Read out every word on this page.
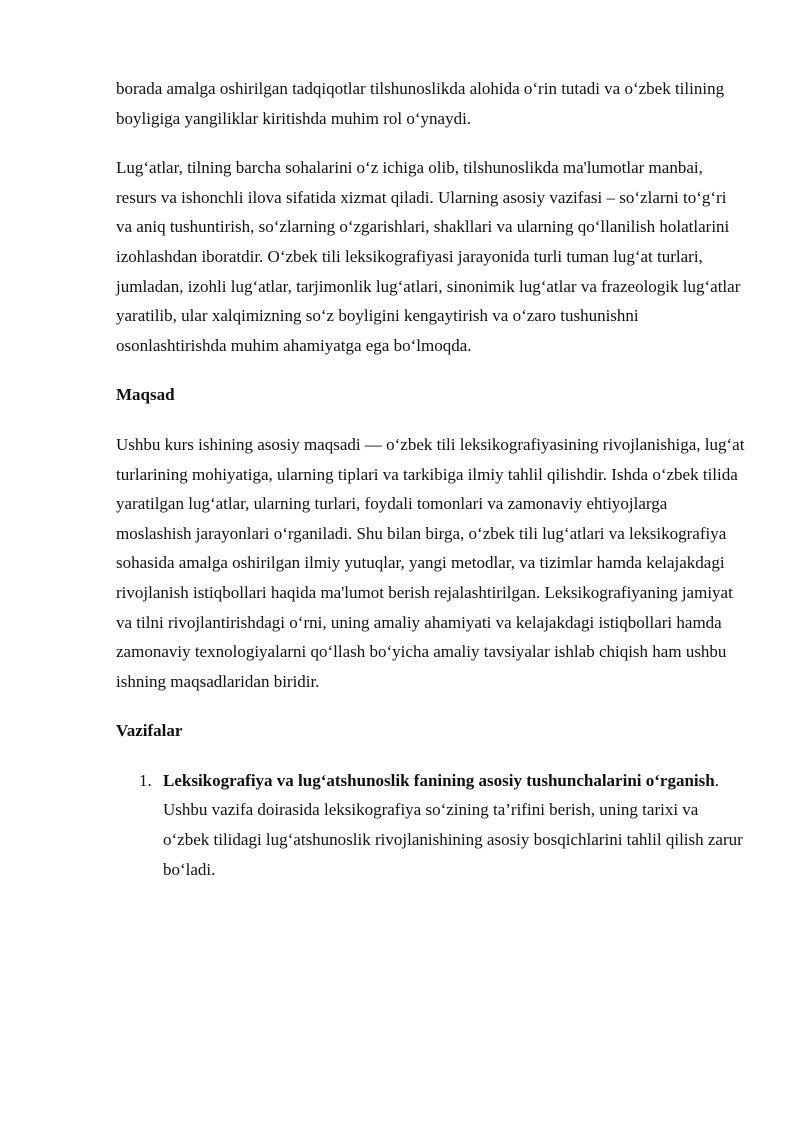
borada amalga oshirilgan tadqiqotlar tilshunoslikda alohida o‘rin tutadi va o‘zbek tilining boyligiga yangiliklar kiritishda muhim rol o‘ynaydi.

Lug‘atlar, tilning barcha sohalarini o‘z ichiga olib, tilshunoslikda ma'lumotlar manbai, resurs va ishonchli ilova sifatida xizmat qiladi. Ularning asosiy vazifasi – so‘zlarni to‘g‘ri va aniq tushuntirish, so‘zlarning o‘zgarishlari, shakllari va ularning qo‘llanilish holatlarini izohlashdan iboratdir. O‘zbek tili leksikografiyasi jarayonida turli tuman lug‘at turlari, jumladan, izohli lug‘atlar, tarjimonlik lug‘atlari, sinonimik lug‘atlar va frazeologik lug‘atlar yaratilib, ular xalqimizning so‘z boyligini kengaytirish va o‘zaro tushunishni osonlashtirishda muhim ahamiyatga ega bo‘lmoqda.

Maqsad

Ushbu kurs ishining asosiy maqsadi — o‘zbek tili leksikografiyasining rivojlanishiga, lug‘at turlarining mohiyatiga, ularning tiplari va tarkibiga ilmiy tahlil qilishdir. Ishda o‘zbek tilida yaratilgan lug‘atlar, ularning turlari, foydali tomonlari va zamonaviy ehtiyojlarga moslashish jarayonlari o‘rganiladi. Shu bilan birga, o‘zbek tili lug‘atlari va leksikografiya sohasida amalga oshirilgan ilmiy yutuqlar, yangi metodlar, va tizimlar hamda kelajakdagi rivojlanish istiqbollari haqida ma'lumot berish rejalashtirilgan. Leksikografiyaning jamiyat va tilni rivojlantirishdagi o‘rni, uning amaliy ahamiyati va kelajakdagi istiqbollari hamda zamonaviy texnologiyalarni qo‘llash bo‘yicha amaliy tavsiyalar ishlab chiqish ham ushbu ishning maqsadlaridan biridir.

Vazifalar

1. Leksikografiya va lug‘atshunoslik fanining asosiy tushunchalarini o‘rganish. Ushbu vazifa doirasida leksikografiya so‘zining ta’rifini berish, uning tarixi va o‘zbek tilidagi lug‘atshunoslik rivojlanishining asosiy bosqichlarini tahlil qilish zarur bo‘ladi.
